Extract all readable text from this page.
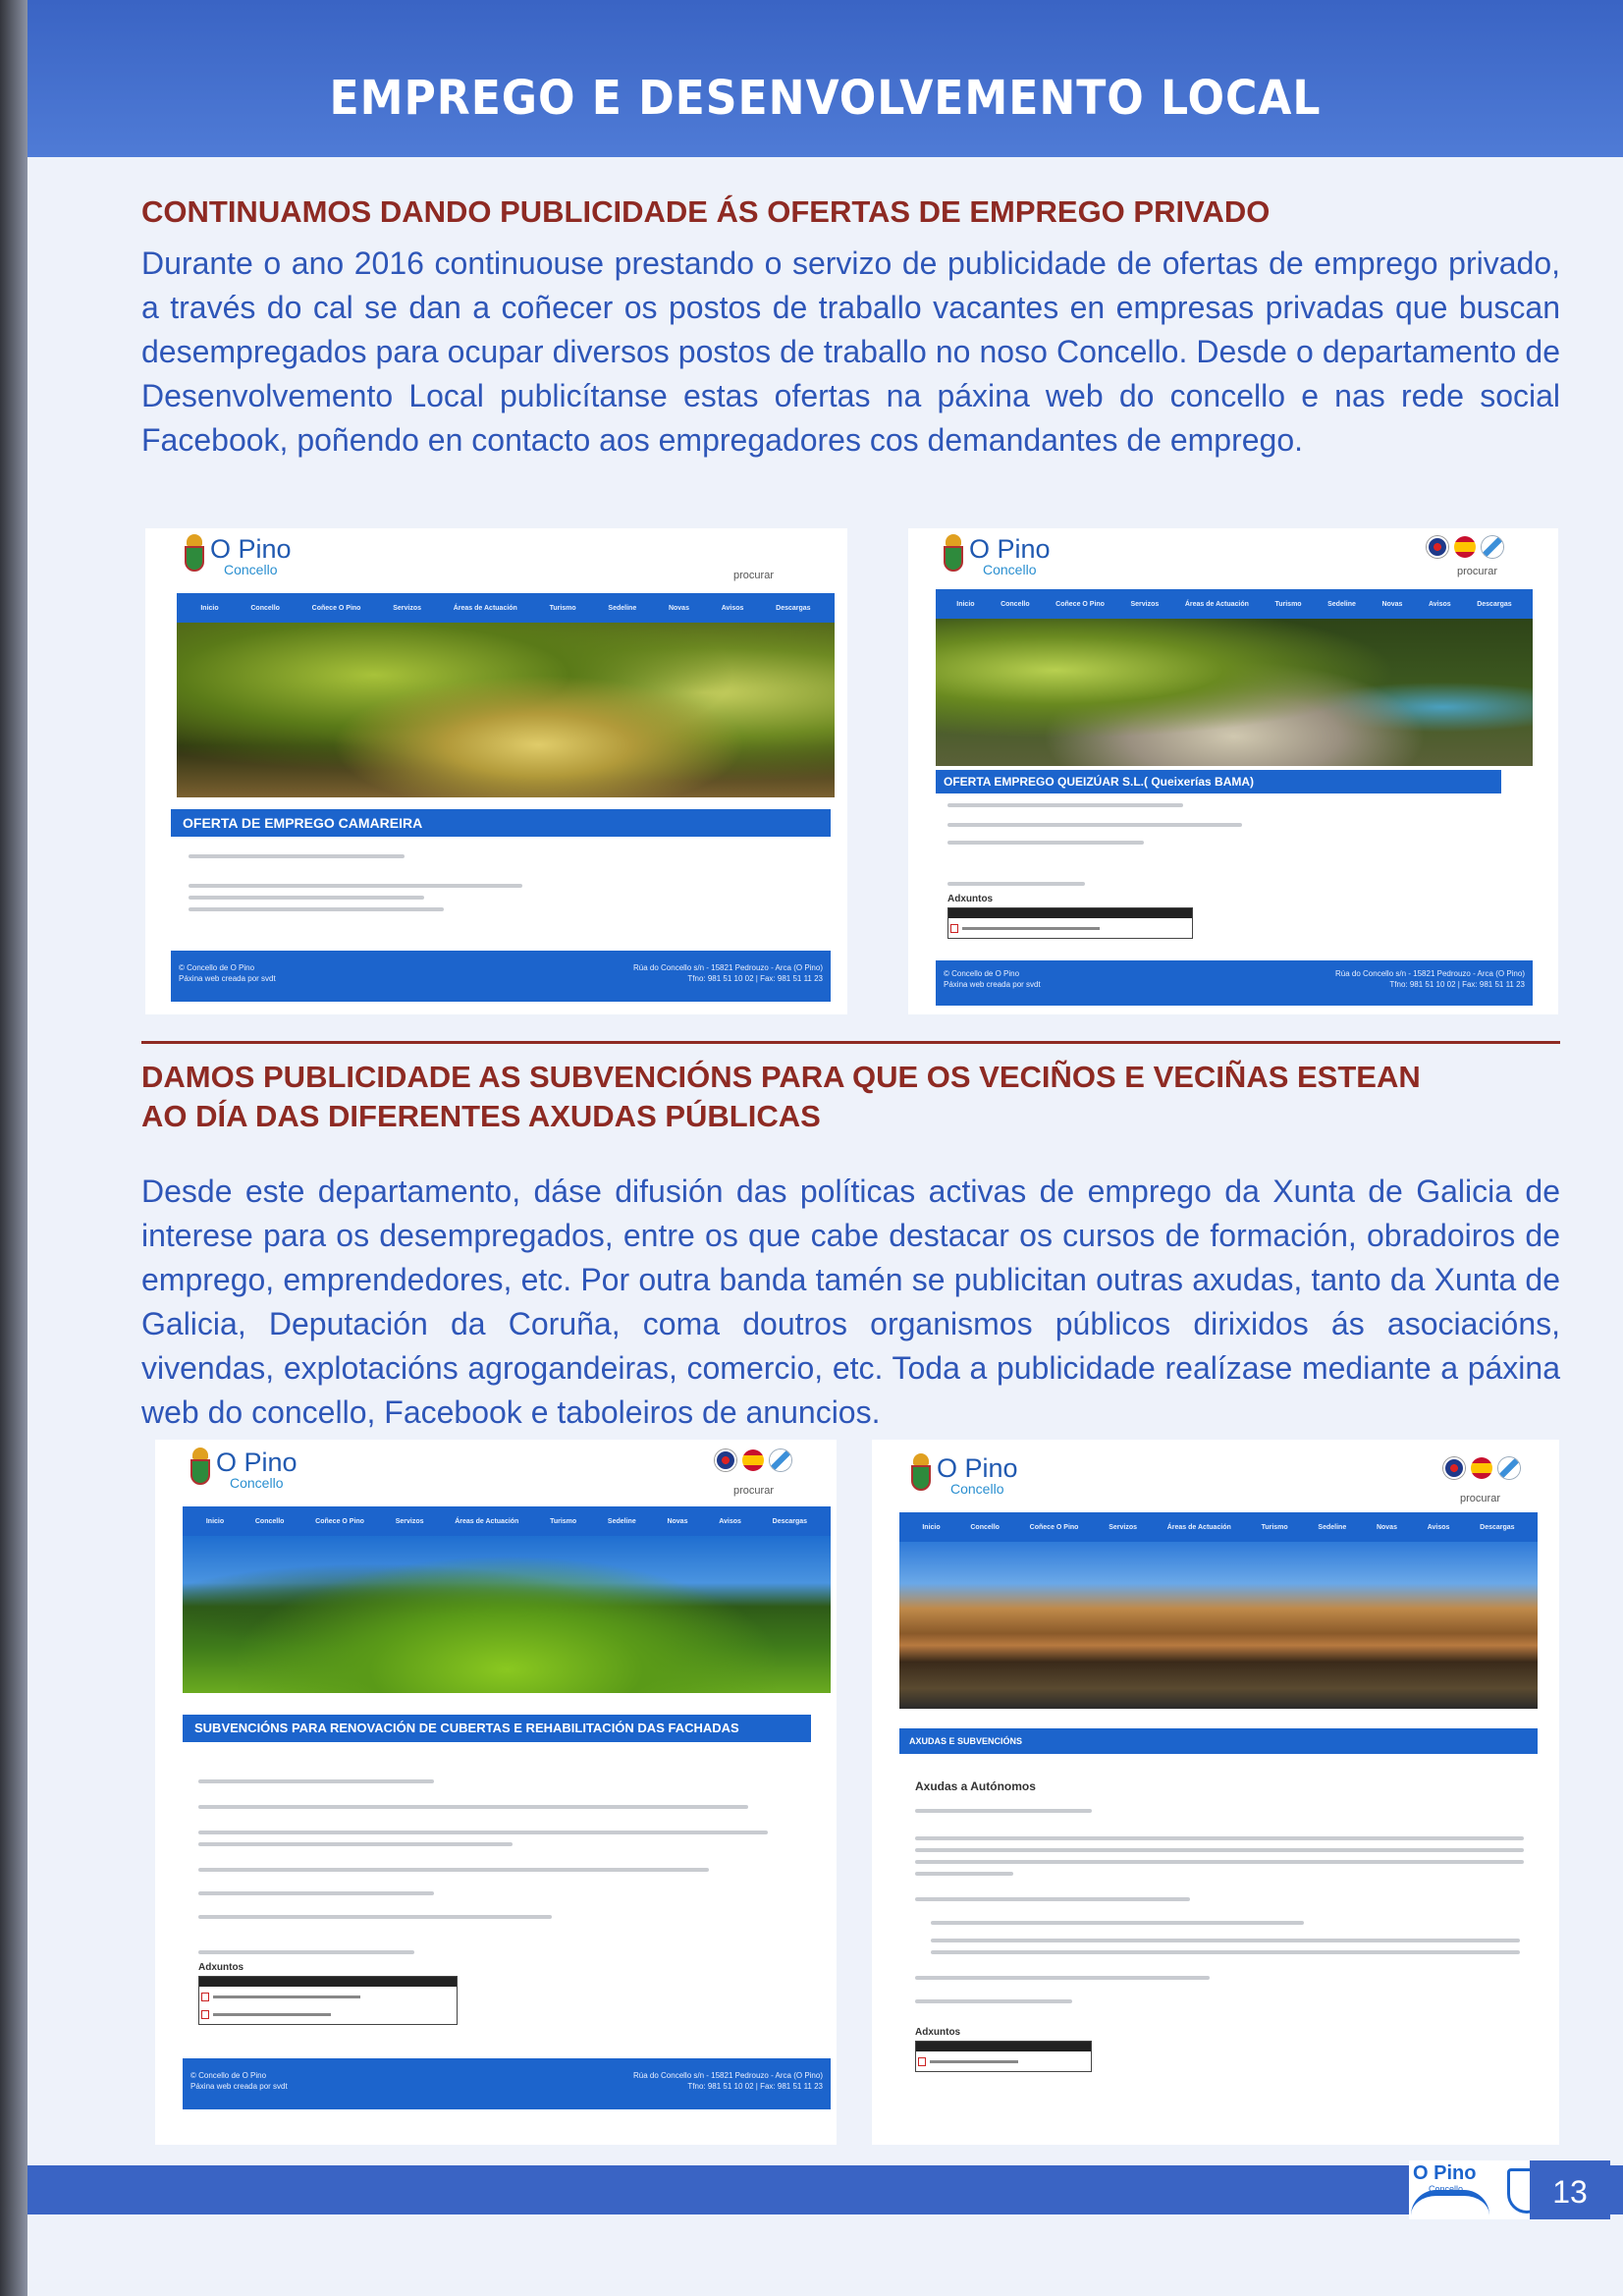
EMPREGO E DESENVOLVEMENTO LOCAL
CONTINUAMOS DANDO PUBLICIDADE ÁS OFERTAS DE EMPREGO PRIVADO
Durante o ano 2016 continuouse prestando o servizo de publicidade de ofertas de emprego privado, a través do cal se dan a coñecer os postos de traballo vacantes en empresas privadas que buscan desempregados para ocupar diversos postos de traballo no noso Concello. Desde o departamento de Desenvolvemento Local publicítanse estas ofertas na páxina web do concello e nas rede social Facebook, poñendo en contacto aos empregadores cos demandantes de emprego.
O Pino
Concello	procurar
Inicio	Concello	Coñece O Pino	Servizos	Áreas de Actuación	Turismo	Sedeline	Novas	Avisos	Descargas
OFERTA DE EMPREGO CAMAREIRA
© Concello de O Pino
Páxina web creada por svdt
Rúa do Concello s/n - 15821 Pedrouzo - Arca (O Pino)
Tfno: 981 51 10 02 | Fax: 981 51 11 23
O Pino
Concello	procurar
Inicio	Concello	Coñece O Pino	Servizos	Áreas de Actuación	Turismo	Sedeline	Novas	Avisos	Descargas
OFERTA EMPREGO QUEIZÚAR S.L.( Queixerías BAMA)
Adxuntos
© Concello de O Pino
Páxina web creada por svdt
Rúa do Concello s/n - 15821 Pedrouzo - Arca (O Pino)
Tfno: 981 51 10 02 | Fax: 981 51 11 23
DAMOS PUBLICIDADE AS SUBVENCIÓNS PARA QUE OS VECIÑOS E VECIÑAS ESTEAN
AO DÍA DAS DIFERENTES AXUDAS PÚBLICAS
Desde este departamento, dáse difusión das políticas activas de emprego da Xunta de Galicia de interese para os desempregados, entre os que cabe destacar os cursos de formación, obradoiros de emprego, emprendedores, etc. Por outra banda tamén se publicitan outras axudas, tanto da Xunta de Galicia, Deputación da Coruña, coma doutros organismos públicos dirixidos ás asociacións, vivendas, explotacións agrogandeiras, comercio, etc. Toda a publicidade realízase mediante a páxina web do concello, Facebook e taboleiros de anuncios.
O Pino
Concello	procurar
Inicio	Concello	Coñece O Pino	Servizos	Áreas de Actuación	Turismo	Sedeline	Novas	Avisos	Descargas
SUBVENCIÓNS PARA RENOVACIÓN DE CUBERTAS E REHABILITACIÓN DAS FACHADAS
Adxuntos
© Concello de O Pino
Páxina web creada por svdt
Rúa do Concello s/n - 15821 Pedrouzo - Arca (O Pino)
Tfno: 981 51 10 02 | Fax: 981 51 11 23
O Pino
Concello
procurar
Inicio	Concello	Coñece O Pino	Servizos	Áreas de Actuación	Turismo	Sedeline	Novas	Avisos	Descargas
AXUDAS E SUBVENCIÓNS
Axudas a Autónomos
Adxuntos
O Pino
Concello	13
